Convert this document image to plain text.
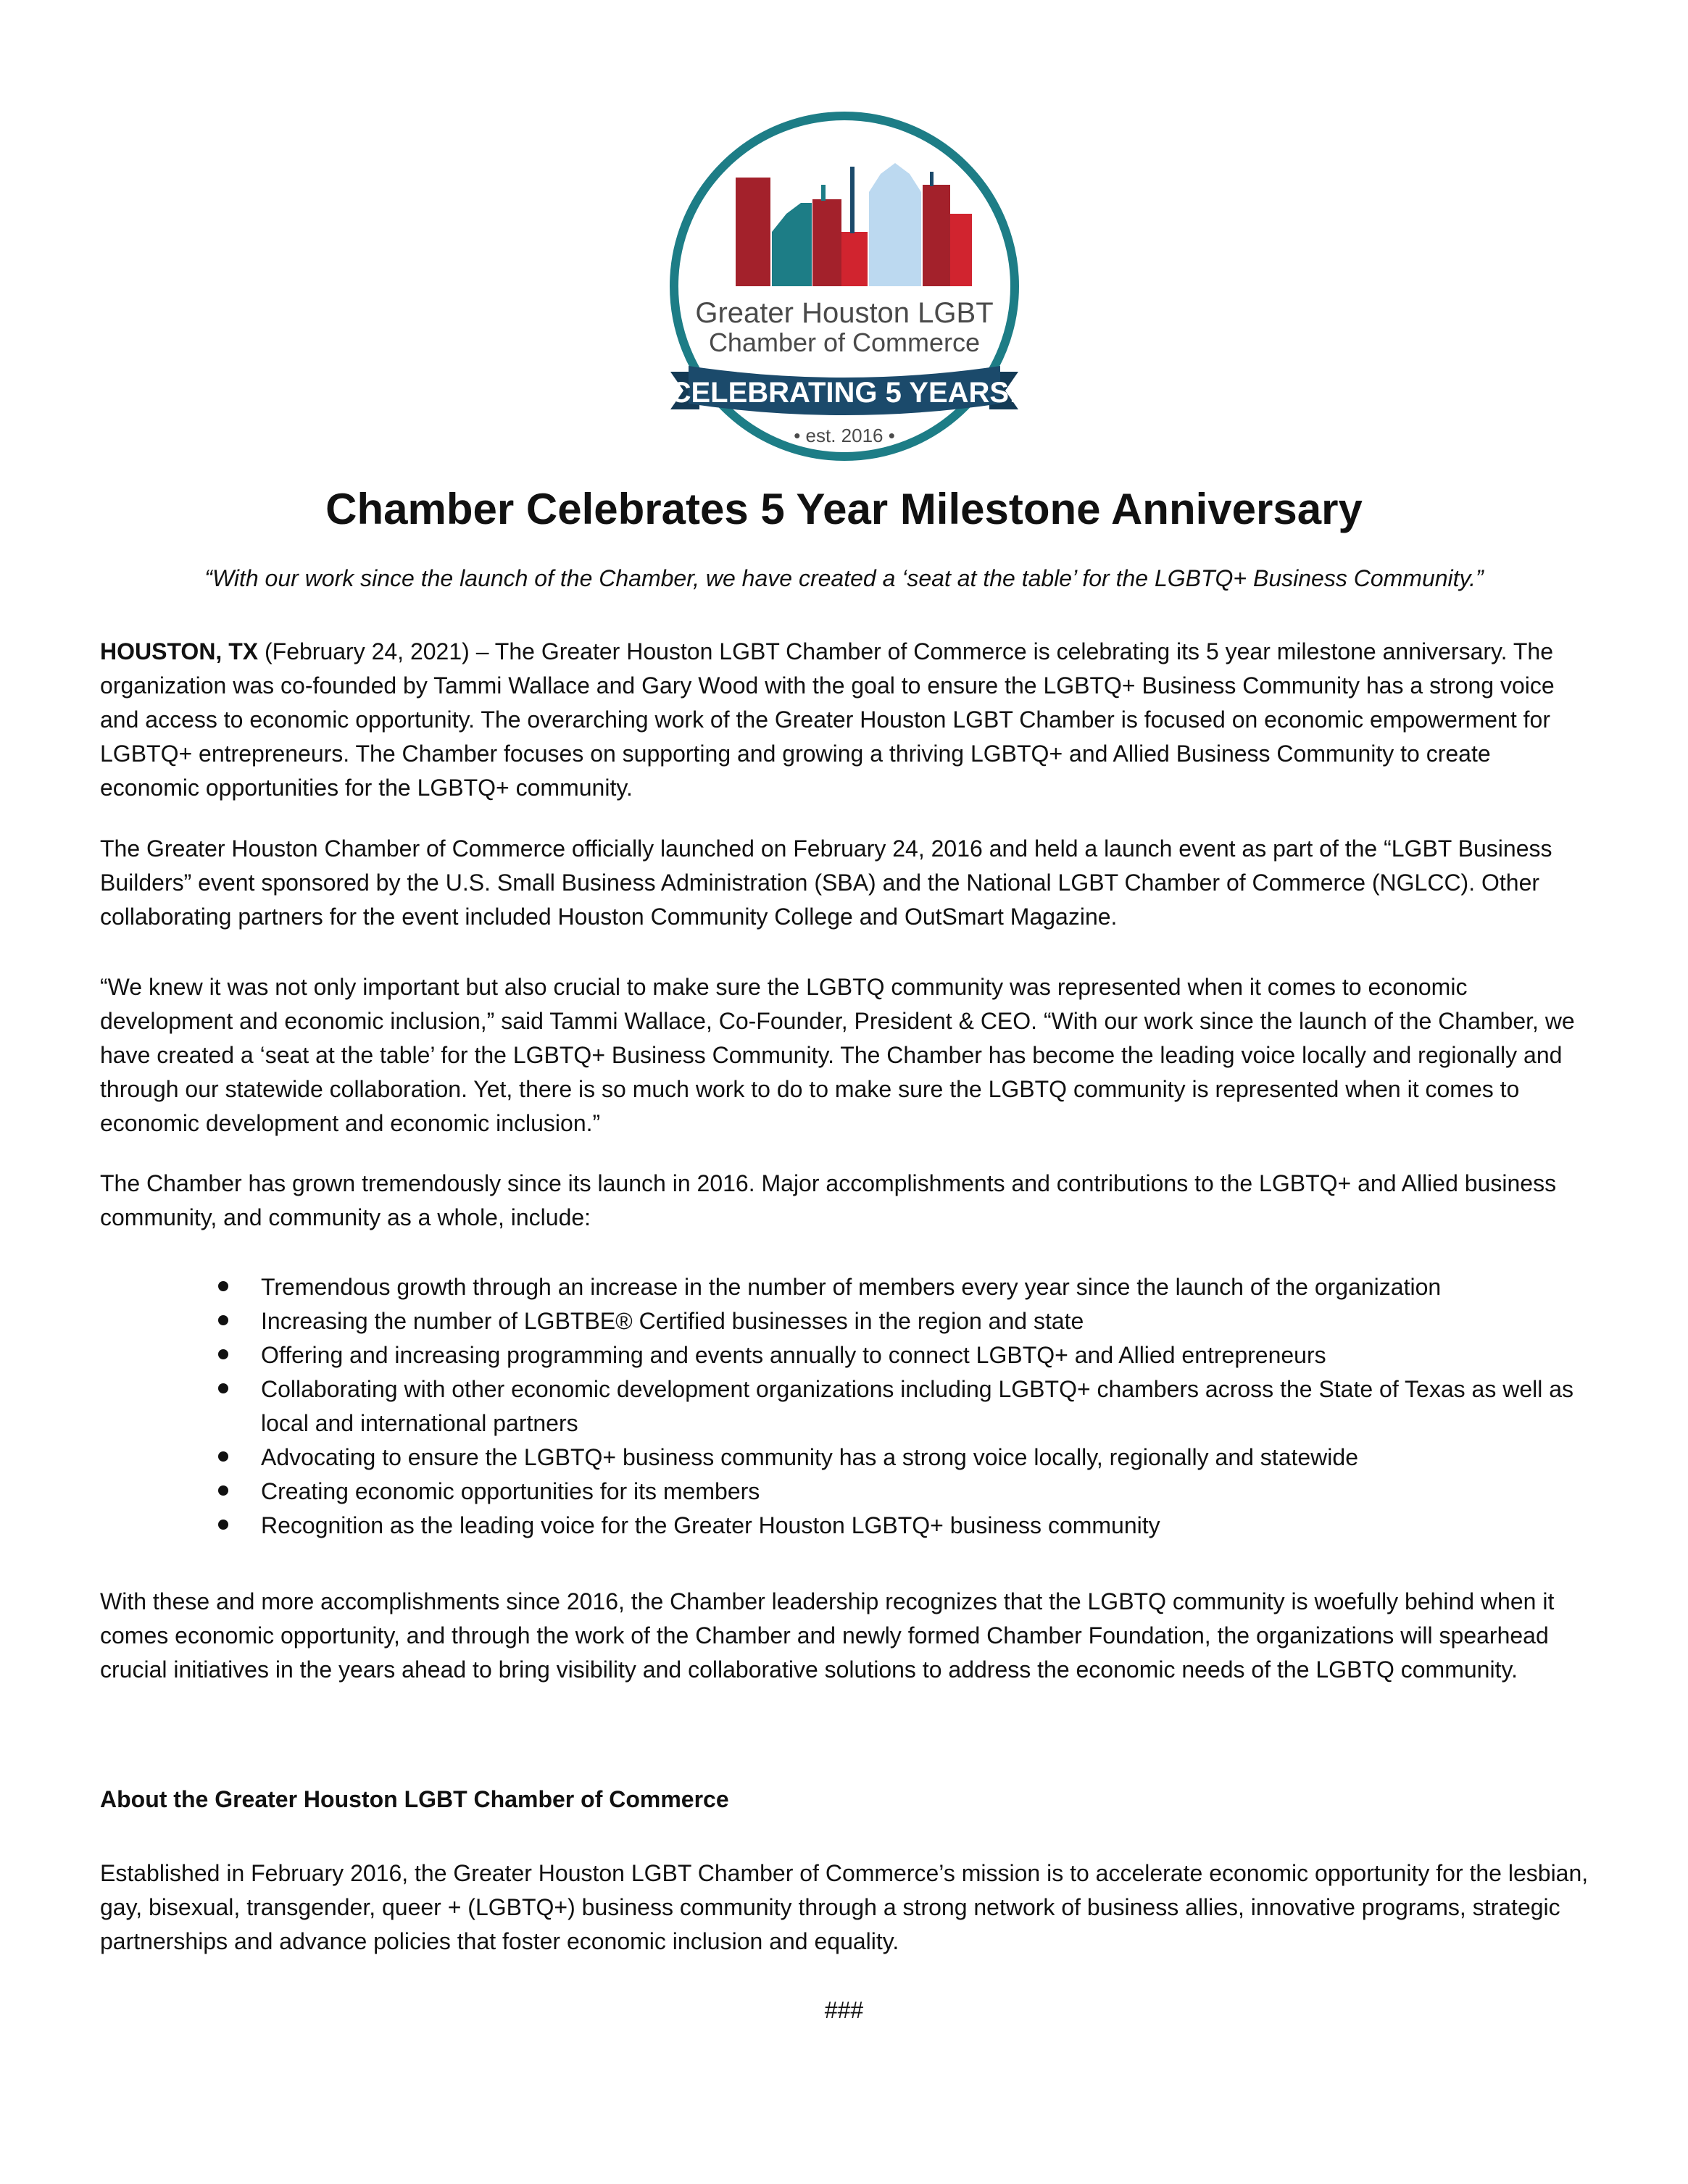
Greater Houston LGBT
Chamber of Commerce
CELEBRATING 5 YEARS!
• est. 2016 •
Chamber Celebrates 5 Year Milestone Anniversary

“With our work since the launch of the Chamber, we have created a ‘seat at the table’ for the LGBTQ+ Business Community.”

HOUSTON, TX (February 24, 2021) – The Greater Houston LGBT Chamber of Commerce is celebrating its 5 year milestone anniversary. The organization was co-founded by Tammi Wallace and Gary Wood with the goal to ensure the LGBTQ+ Business Community has a strong voice and access to economic opportunity. The overarching work of the Greater Houston LGBT Chamber is focused on economic empowerment for LGBTQ+ entrepreneurs. The Chamber focuses on supporting and growing a thriving LGBTQ+ and Allied Business Community to create economic opportunities for the LGBTQ+ community.

The Greater Houston Chamber of Commerce officially launched on February 24, 2016 and held a launch event as part of the “LGBT Business Builders” event sponsored by the U.S. Small Business Administration (SBA) and the National LGBT Chamber of Commerce (NGLCC). Other collaborating partners for the event included Houston Community College and OutSmart Magazine.

“We knew it was not only important but also crucial to make sure the LGBTQ community was represented when it comes to economic development and economic inclusion,” said Tammi Wallace, Co-Founder, President & CEO. “With our work since the launch of the Chamber, we have created a ‘seat at the table’ for the LGBTQ+ Business Community. The Chamber has become the leading voice locally and regionally and through our statewide collaboration. Yet, there is so much work to do to make sure the LGBTQ community is represented when it comes to economic development and economic inclusion.”

The Chamber has grown tremendously since its launch in 2016. Major accomplishments and contributions to the LGBTQ+ and Allied business community, and community as a whole, include:

Tremendous growth through an increase in the number of members every year since the launch of the organization
Increasing the number of LGBTBE® Certified businesses in the region and state
Offering and increasing programming and events annually to connect LGBTQ+ and Allied entrepreneurs
Collaborating with other economic development organizations including LGBTQ+ chambers across the State of Texas as well as local and international partners
Advocating to ensure the LGBTQ+ business community has a strong voice locally, regionally and statewide
Creating economic opportunities for its members
Recognition as the leading voice for the Greater Houston LGBTQ+ business community

With these and more accomplishments since 2016, the Chamber leadership recognizes that the LGBTQ community is woefully behind when it comes economic opportunity, and through the work of the Chamber and newly formed Chamber Foundation, the organizations will spearhead crucial initiatives in the years ahead to bring visibility and collaborative solutions to address the economic needs of the LGBTQ community.

About the Greater Houston LGBT Chamber of Commerce

Established in February 2016, the Greater Houston LGBT Chamber of Commerce’s mission is to accelerate economic opportunity for the lesbian, gay, bisexual, transgender, queer + (LGBTQ+) business community through a strong network of business allies, innovative programs, strategic partnerships and advance policies that foster economic inclusion and equality.

###
